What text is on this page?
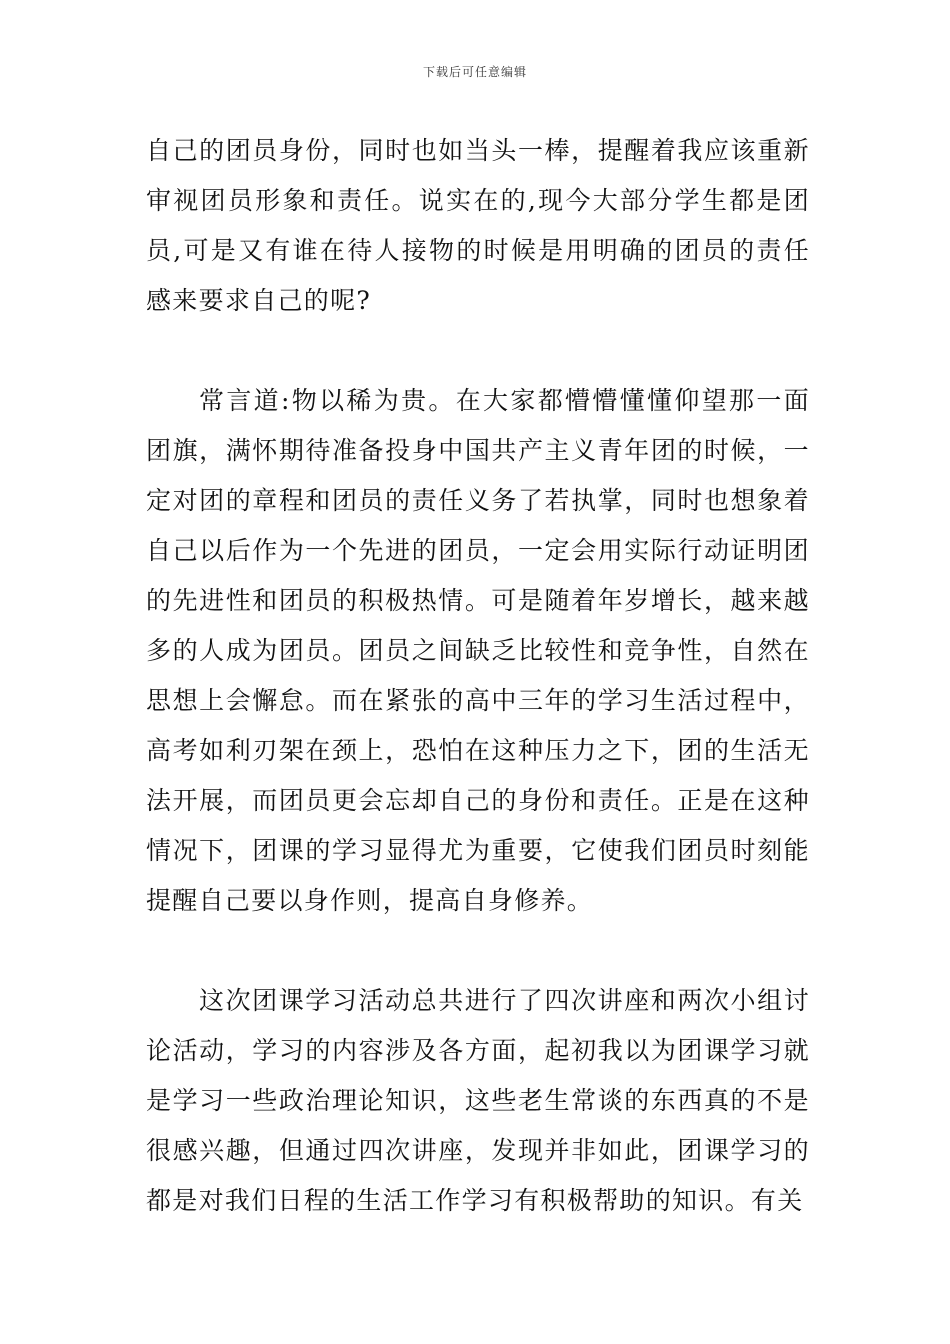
下载后可任意编辑

自己的团员身份，同时也如当头一棒，提醒着我应该重新审视团员形象和责任。说实在的,现今大部分学生都是团员,可是又有谁在待人接物的时候是用明确的团员的责任感来要求自己的呢?

常言道:物以稀为贵。在大家都懵懵懂懂仰望那一面团旗，满怀期待准备投身中国共产主义青年团的时候，一定对团的章程和团员的责任义务了若执掌，同时也想象着自己以后作为一个先进的团员，一定会用实际行动证明团的先进性和团员的积极热情。可是随着年岁增长，越来越多的人成为团员。团员之间缺乏比较性和竞争性，自然在思想上会懈怠。而在紧张的高中三年的学习生活过程中，高考如利刃架在颈上，恐怕在这种压力之下，团的生活无法开展，而团员更会忘却自己的身份和责任。正是在这种情况下，团课的学习显得尤为重要，它使我们团员时刻能提醒自己要以身作则，提高自身修养。

这次团课学习活动总共进行了四次讲座和两次小组讨论活动，学习的内容涉及各方面，起初我以为团课学习就是学习一些政治理论知识，这些老生常谈的东西真的不是很感兴趣，但通过四次讲座，发现并非如此，团课学习的都是对我们日程的生活工作学习有积极帮助的知识。有关
